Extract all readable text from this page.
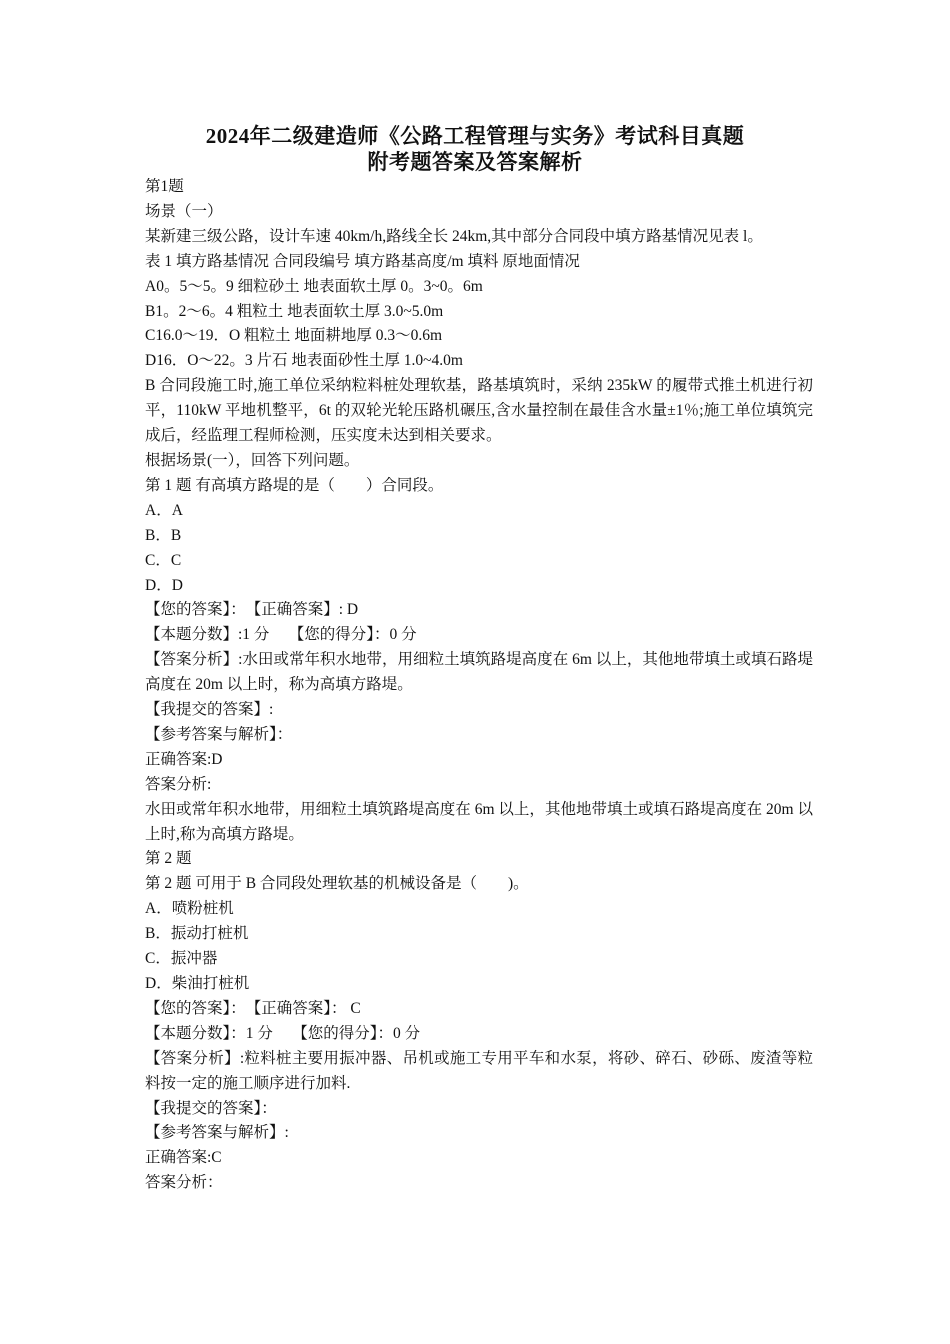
2024年二级建造师《公路工程管理与实务》考试科目真题
附考题答案及答案解析

第1题

场景（一）

某新建三级公路，设计车速 40km/h,路线全长 24km,其中部分合同段中填方路基情况见表 l。

表 1 填方路基情况 合同段编号 填方路基高度/m 填料 原地面情况

A0。5～5。9 细粒砂土 地表面软土厚 0。3~0。6m

B1。2～6。4 粗粒土 地表面软土厚 3.0~5.0m

C16.0～19．O 粗粒土 地面耕地厚 0.3～0.6m

D16．O～22。3 片石 地表面砂性土厚 1.0~4.0m

B 合同段施工时,施工单位采纳粒料桩处理软基，路基填筑时，采纳 235kW 的履带式推土机进行初平，110kW 平地机整平，6t 的双轮光轮压路机碾压,含水量控制在最佳含水量±1％;施工单位填筑完成后，经监理工程师检测，压实度未达到相关要求。

根据场景(一），回答下列问题。

第 1 题 有高填方路堤的是（　　）合同段。

A．A

B．B

C．C

D．D

【您的答案】：　【正确答案】: D

【本题分数】:1 分　 【您的得分】：0 分

【答案分析】:水田或常年积水地带，用细粒土填筑路堤高度在 6m 以上，其他地带填土或填石路堤高度在 20m 以上时，称为高填方路堤。

【我提交的答案】:

【参考答案与解析】：

正确答案:D

答案分析:

水田或常年积水地带，用细粒土填筑路堤高度在 6m 以上，其他地带填土或填石路堤高度在 20m 以上时,称为高填方路堤。

第 2 题

第 2 题 可用于 B 合同段处理软基的机械设备是（　　)。

A．喷粉桩机

B．振动打桩机

C．振冲器

D．柴油打桩机

【您的答案】：　【正确答案】： C

【本题分数】：1 分　 【您的得分】：0 分

【答案分析】:粒料桩主要用振冲器、吊机或施工专用平车和水泵，将砂、碎石、砂砾、废渣等粒料按一定的施工顺序进行加料.

【我提交的答案】：

【参考答案与解析】:

正确答案:C

答案分析：
